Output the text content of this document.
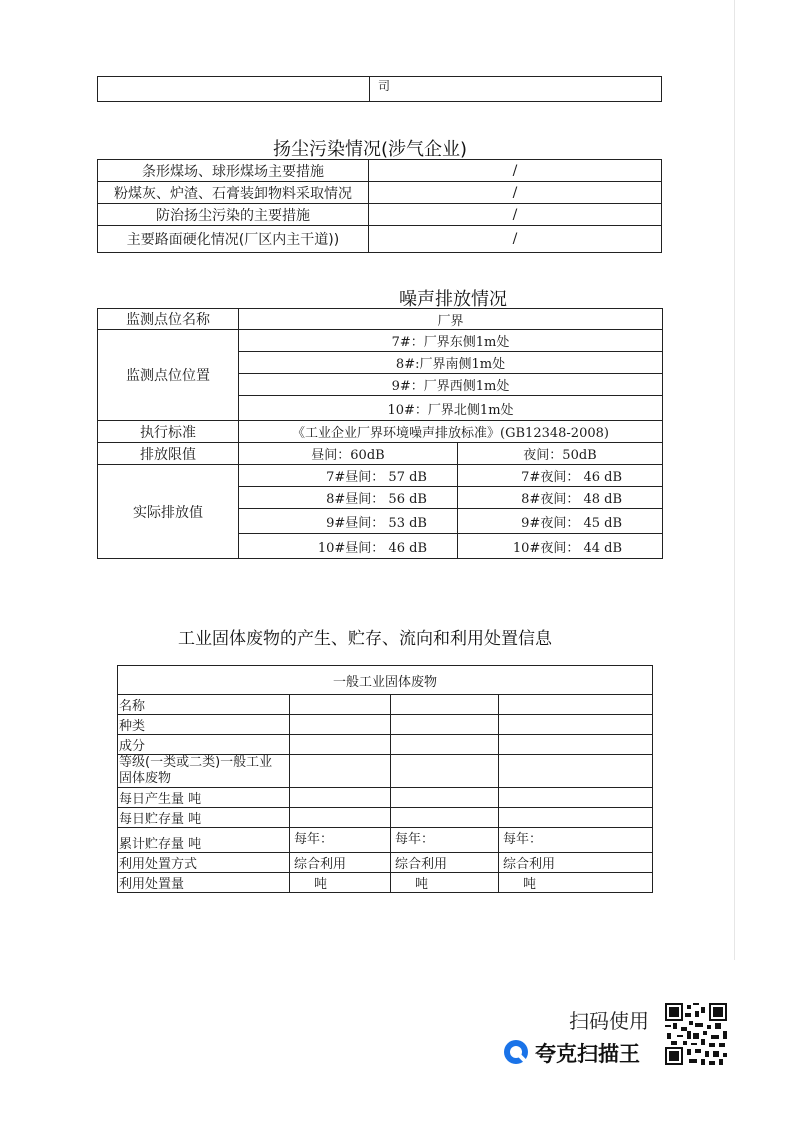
	司
扬尘污染情况(涉气企业)
条形煤场、球形煤场主要措施	/
粉煤灰、炉渣、石膏装卸物料采取情况	/
防治扬尘污染的主要措施	/
主要路面硬化情况(厂区内主干道))	/
噪声排放情况
监测点位名称	厂界	
监测点位位置	7#：厂界东侧1m处	
	8#:厂界南侧1m处	
	9#：厂界西侧1m处	
	10#：厂界北侧1m处	
执行标准	《工业企业厂界环境噪声排放标准》(GB12348-2008)	
排放限值	昼间：60dB	夜间：50dB
实际排放值	7#昼间： 57 dB	7#夜间： 46 dB
	8#昼间： 56 dB	8#夜间： 48 dB
	9#昼间： 53 dB	9#夜间： 45 dB
	10#昼间： 46 dB	10#夜间： 44 dB
工业固体废物的产生、贮存、流向和利用处置信息
一般工业固体废物			
名称			
种类			
成分			

等级(一类或二类)一般工业
固体废物			

每日产生量 吨			
每日贮存量 吨			
累计贮存量 吨	每年：	每年：	每年：
利用处置方式	综合利用	综合利用	综合利用
利用处置量	吨	吨	吨
扫码使用
夸克扫描王
